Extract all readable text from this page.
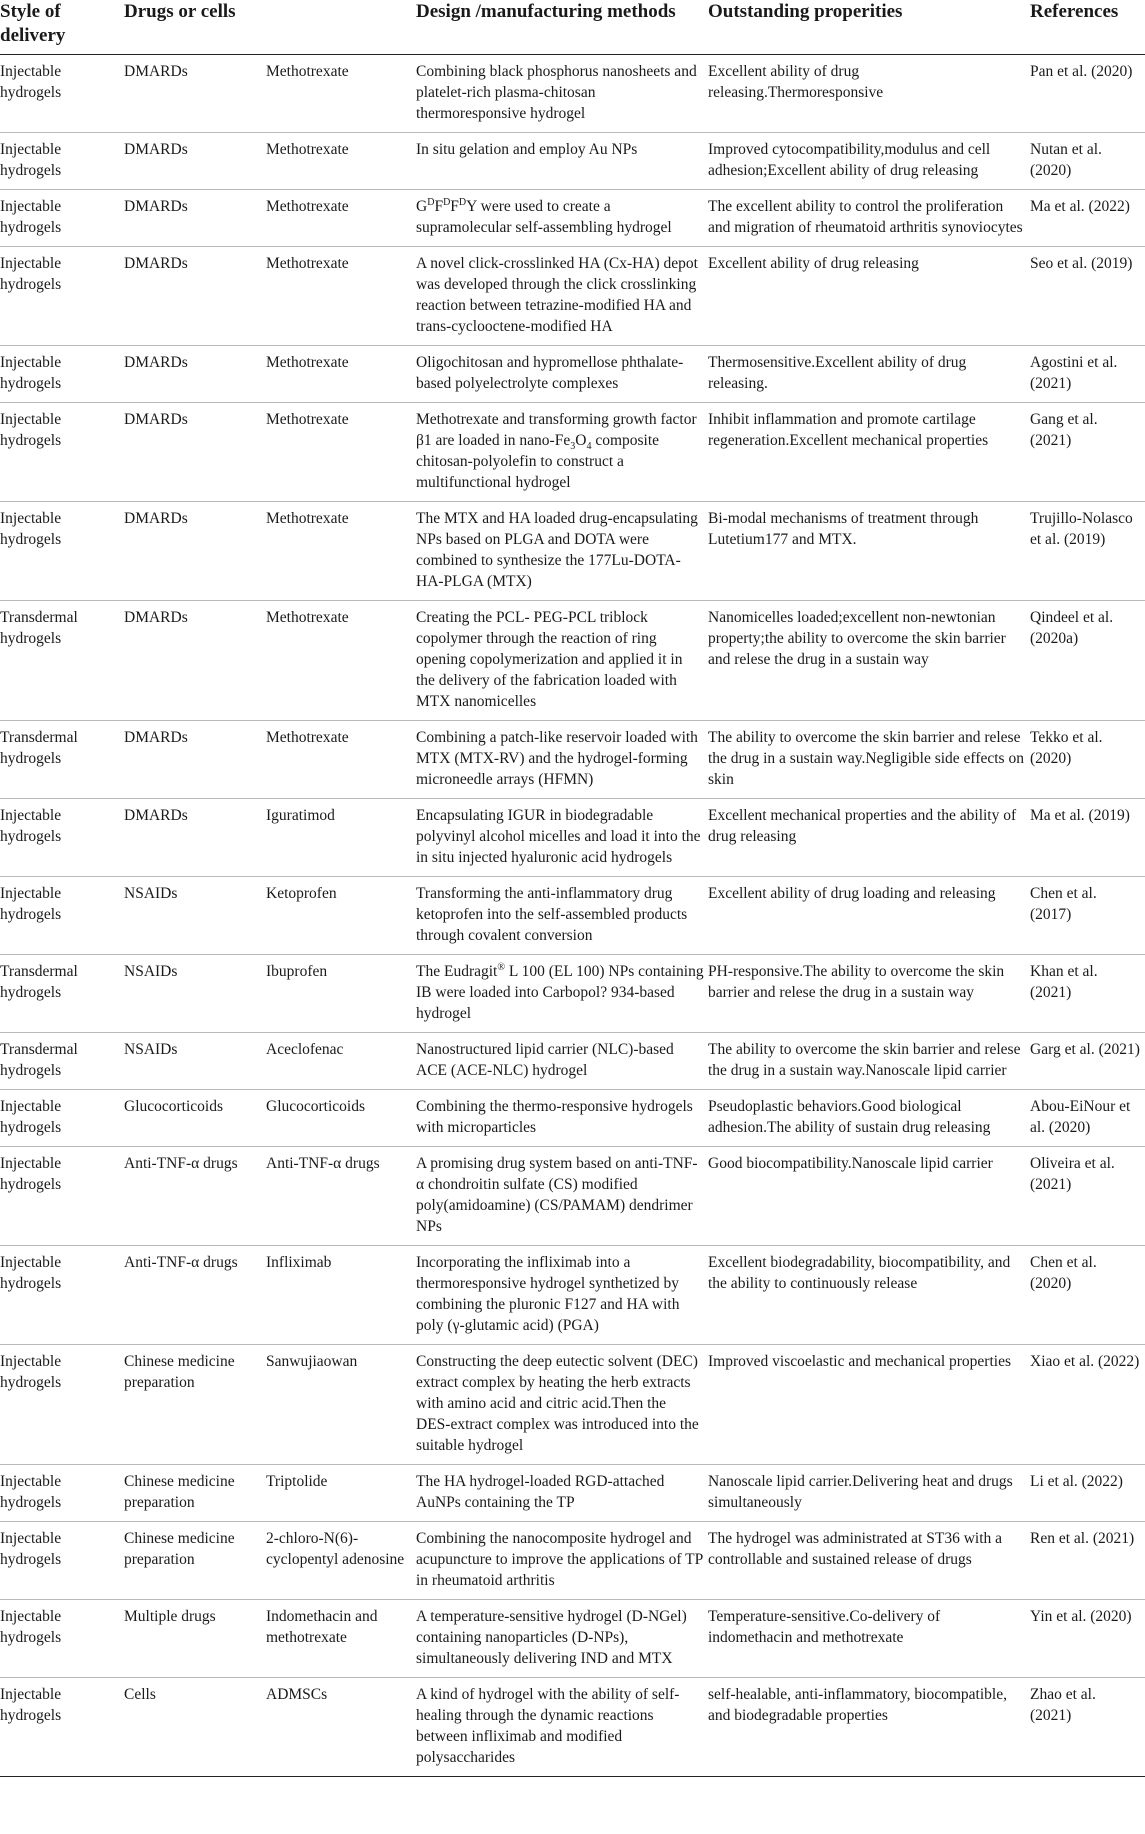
Style of delivery	Drugs or cells		Design /manufacturing methods	Outstanding properities	References
Injectable hydrogels	DMARDs	Methotrexate	Combining black phosphorus nanosheets and platelet-rich plasma-chitosan thermoresponsive hydrogel	Excellent ability of drug releasing.Thermoresponsive	Pan et al. (2020)
Injectable hydrogels	DMARDs	Methotrexate	In situ gelation and employ Au NPs	Improved cytocompatibility,modulus and cell adhesion;Excellent ability of drug releasing	Nutan et al. (2020)
Injectable hydrogels	DMARDs	Methotrexate	$G^DF^DF^DY$ were used to create a supramolecular self-assembling hydrogel	The excellent ability to control the proliferation and migration of rheumatoid arthritis synoviocytes	Ma et al. (2022)
Injectable hydrogels	DMARDs	Methotrexate	A novel click-crosslinked HA (Cx-HA) depot was developed through the click crosslinking reaction between tetrazine-modified HA and trans-cyclooctene-modified HA	Excellent ability of drug releasing	Seo et al. (2019)
Injectable hydrogels	DMARDs	Methotrexate	Oligochitosan and hypromellose phthalate-based polyelectrolyte complexes	Thermosensitive.Excellent ability of drug releasing.	Agostini et al. (2021)
Injectable hydrogels	DMARDs	Methotrexate	Methotrexate and transforming growth factor β1 are loaded in nano-$Fe_3O_4$ composite chitosan-polyolefin to construct a multifunctional hydrogel	Inhibit inflammation and promote cartilage regeneration.Excellent mechanical properties	Gang et al. (2021)
Injectable hydrogels	DMARDs	Methotrexate	The MTX and HA loaded drug-encapsulating NPs based on PLGA and DOTA were combined to synthesize the 177Lu-DOTA-HA-PLGA (MTX)	Bi-modal mechanisms of treatment through Lutetium177 and MTX.	Trujillo-Nolasco et al. (2019)
Transdermal hydrogels	DMARDs	Methotrexate	Creating the PCL- PEG-PCL triblock copolymer through the reaction of ring opening copolymerization and applied it in the delivery of the fabrication loaded with MTX nanomicelles	Nanomicelles loaded;excellent non-newtonian property;the ability to overcome the skin barrier and relese the drug in a sustain way	Qindeel et al. (2020a)
Transdermal hydrogels	DMARDs	Methotrexate	Combining a patch-like reservoir loaded with MTX (MTX-RV) and the hydrogel-forming microneedle arrays (HFMN)	The ability to overcome the skin barrier and relese the drug in a sustain way.Negligible side effects on skin	Tekko et al. (2020)
Injectable hydrogels	DMARDs	Iguratimod	Encapsulating IGUR in biodegradable polyvinyl alcohol micelles and load it into the in situ injected hyaluronic acid hydrogels	Excellent mechanical properties and the ability of drug releasing	Ma et al. (2019)
Injectable hydrogels	NSAIDs	Ketoprofen	Transforming the anti-inflammatory drug ketoprofen into the self-assembled products through covalent conversion	Excellent ability of drug loading and releasing	Chen et al. (2017)
Transdermal hydrogels	NSAIDs	Ibuprofen	The Eudragit® L 100 (EL 100) NPs containing IB were loaded into Carbopol? 934-based hydrogel	PH-responsive.The ability to overcome the skin barrier and relese the drug in a sustain way	Khan et al. (2021)
Transdermal hydrogels	NSAIDs	Aceclofenac	Nanostructured lipid carrier (NLC)-based ACE (ACE-NLC) hydrogel	The ability to overcome the skin barrier and relese the drug in a sustain way.Nanoscale lipid carrier	Garg et al. (2021)
Injectable hydrogels	Glucocorticoids	Glucocorticoids	Combining the thermo-responsive hydrogels with microparticles	Pseudoplastic behaviors.Good biological adhesion.The ability of sustain drug releasing	Abou-EiNour et al. (2020)
Injectable hydrogels	Anti-TNF-α drugs	Anti-TNF-α drugs	A promising drug system based on anti-TNF-α chondroitin sulfate (CS) modified poly(amidoamine) (CS/PAMAM) dendrimer NPs	Good biocompatibility.Nanoscale lipid carrier	Oliveira et al. (2021)
Injectable hydrogels	Anti-TNF-α drugs	Infliximab	Incorporating the infliximab into a thermoresponsive hydrogel synthetized by combining the pluronic F127 and HA with poly (γ-glutamic acid) (PGA)	Excellent biodegradability, biocompatibility, and the ability to continuously release	Chen et al. (2020)
Injectable hydrogels	Chinese medicine preparation	Sanwujiaowan	Constructing the deep eutectic solvent (DEC) extract complex by heating the herb extracts with amino acid and citric acid.Then the DES-extract complex was introduced into the suitable hydrogel	Improved viscoelastic and mechanical properties	Xiao et al. (2022)
Injectable hydrogels	Chinese medicine preparation	Triptolide	The HA hydrogel-loaded RGD-attached AuNPs containing the TP	Nanoscale lipid carrier.Delivering heat and drugs simultaneously	Li et al. (2022)
Injectable hydrogels	Chinese medicine preparation	2-chloro-N(6)-cyclopentyl adenosine	Combining the nanocomposite hydrogel and acupuncture to improve the applications of TP in rheumatoid arthritis	The hydrogel was administrated at ST36 with a controllable and sustained release of drugs	Ren et al. (2021)
Injectable hydrogels	Multiple drugs	Indomethacin and methotrexate	A temperature-sensitive hydrogel (D-NGel) containing nanoparticles (D-NPs), simultaneously delivering IND and MTX	Temperature-sensitive.Co-delivery of indomethacin and methotrexate	Yin et al. (2020)
Injectable hydrogels	Cells	ADMSCs	A kind of hydrogel with the ability of self-healing through the dynamic reactions between infliximab and modified polysaccharides	self-healable, anti-inflammatory, biocompatible, and biodegradable properties	Zhao et al. (2021)
